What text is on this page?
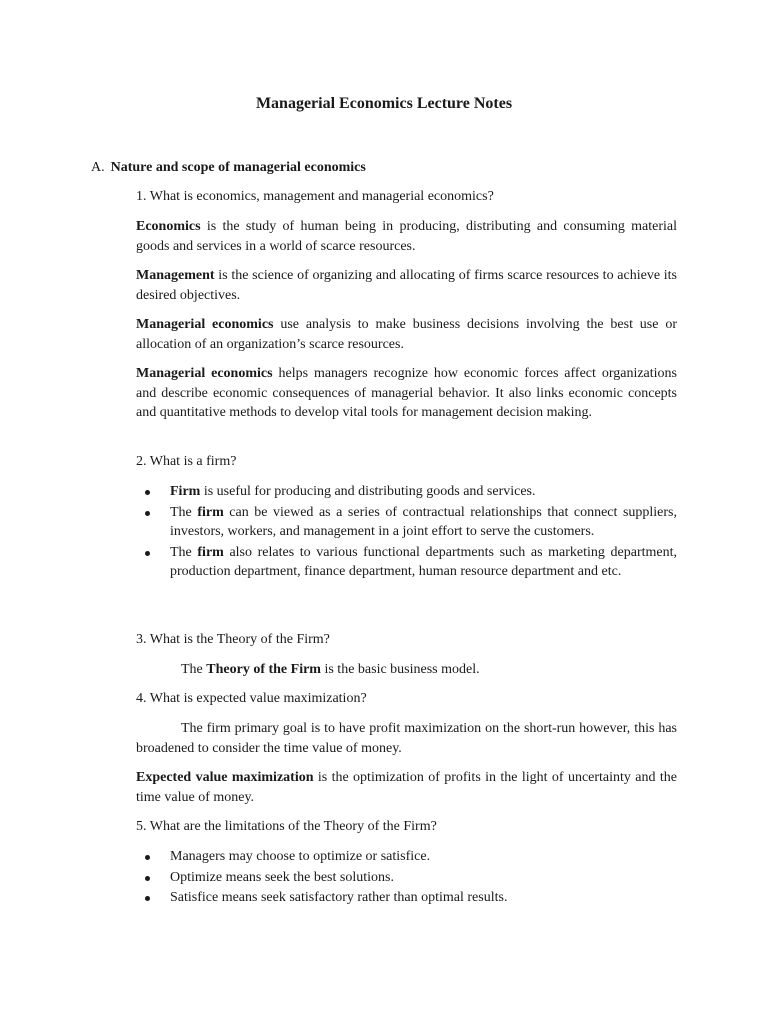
Managerial Economics Lecture Notes
A. Nature and scope of managerial economics
1. What is economics, management and managerial economics?
Economics is the study of human being in producing, distributing and consuming material goods and services in a world of scarce resources.
Management is the science of organizing and allocating of firms scarce resources to achieve its desired objectives.
Managerial economics use analysis to make business decisions involving the best use or allocation of an organization’s scarce resources.
Managerial economics helps managers recognize how economic forces affect organizations and describe economic consequences of managerial behavior. It also links economic concepts and quantitative methods to develop vital tools for management decision making.
2. What is a firm?
Firm is useful for producing and distributing goods and services.
The firm can be viewed as a series of contractual relationships that connect suppliers, investors, workers, and management in a joint effort to serve the customers.
The firm also relates to various functional departments such as marketing department, production department, finance department, human resource department and etc.
3. What is the Theory of the Firm?
The Theory of the Firm is the basic business model.
4. What is expected value maximization?
The firm primary goal is to have profit maximization on the short-run however, this has broadened to consider the time value of money.
Expected value maximization is the optimization of profits in the light of uncertainty and the time value of money.
5. What are the limitations of the Theory of the Firm?
Managers may choose to optimize or satisfice.
Optimize means seek the best solutions.
Satisfice means seek satisfactory rather than optimal results.
